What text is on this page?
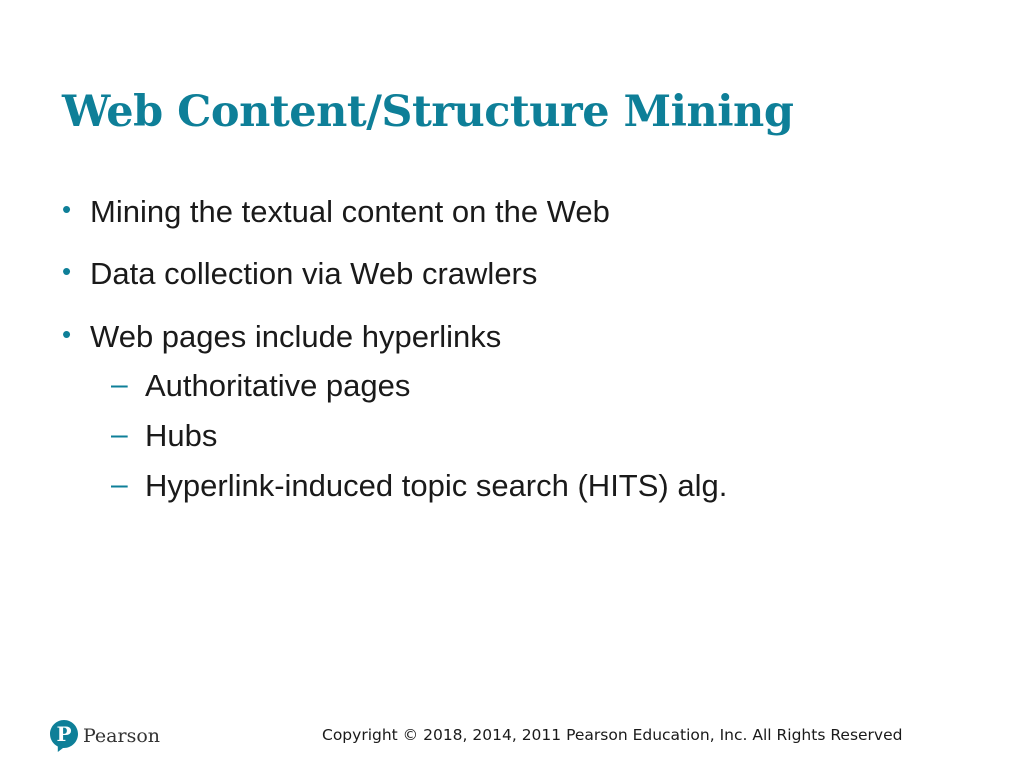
Web Content/Structure Mining
• Mining the textual content on the Web
• Data collection via Web crawlers
• Web pages include hyperlinks
– Authoritative pages
– Hubs
– Hyperlink-induced topic search (HITS) alg.
P Pearson	Copyright © 2018, 2014, 2011 Pearson Education, Inc. All Rights Reserved
